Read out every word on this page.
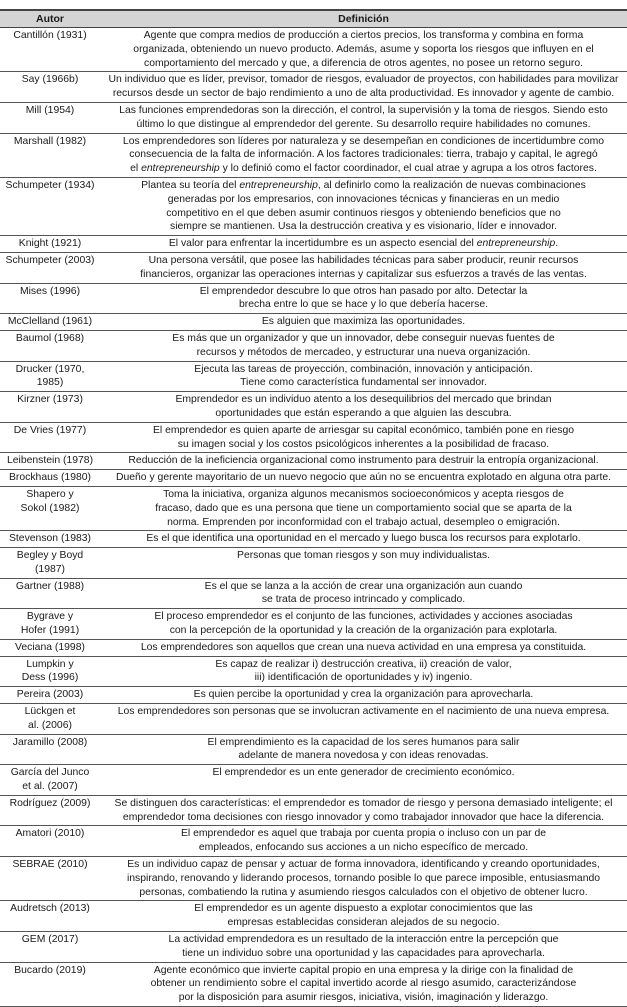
Autor	Definición
Cantillón (1931)	Agente que compra medios de producción a ciertos precios, los transforma y combina en forma
organizada, obteniendo un nuevo producto. Además, asume y soporta los riesgos que influyen en el
comportamiento del mercado y que, a diferencia de otros agentes, no posee un retorno seguro.
Say (1966b)	Un individuo que es líder, previsor, tomador de riesgos, evaluador de proyectos, con habilidades para movilizar
recursos desde un sector de bajo rendimiento a uno de alta productividad. Es innovador y agente de cambio.
Mill (1954)	Las funciones emprendedoras son la dirección, el control, la supervisión y la toma de riesgos. Siendo esto
último lo que distingue al emprendedor del gerente. Su desarrollo require habilidades no comunes.
Marshall (1982)	Los emprendedores son líderes por naturaleza y se desempeñan en condiciones de incertidumbre como
consecuencia de la falta de información. A los factores tradicionales: tierra, trabajo y capital, le agregó
el entrepreneurship y lo definió como el factor coordinador, el cual atrae y agrupa a los otros factores.
Schumpeter (1934)	Plantea su teoría del entrepreneurship, al definirlo como la realización de nuevas combinaciones
generadas por los empresarios, con innovaciones técnicas y financieras en un medio
competitivo en el que deben asumir continuos riesgos y obteniendo beneficios que no
siempre se mantienen. Usa la destrucción creativa y es visionario, líder e innovador.
Knight (1921)	El valor para enfrentar la incertidumbre es un aspecto esencial del entrepreneurship.
Schumpeter (2003)	Una persona versátil, que posee las habilidades técnicas para saber producir, reunir recursos
financieros, organizar las operaciones internas y capitalizar sus esfuerzos a través de las ventas.
Mises (1996)	El emprendedor descubre lo que otros han pasado por alto. Detectar la
brecha entre lo que se hace y lo que debería hacerse.
McClelland (1961)	Es alguien que maximiza las oportunidades.
Baumol (1968)	Es más que un organizador y que un innovador, debe conseguir nuevas fuentes de
recursos y métodos de mercadeo, y estructurar una nueva organización.
Drucker (1970,
1985)	Ejecuta las tareas de proyección, combinación, innovación y anticipación.
Tiene como característica fundamental ser innovador.
Kirzner (1973)	Emprendedor es un individuo atento a los desequilibrios del mercado que brindan
oportunidades que están esperando a que alguien las descubra.
De Vries (1977)	El emprendedor es quien aparte de arriesgar su capital económico, también pone en riesgo
su imagen social y los costos psicológicos inherentes a la posibilidad de fracaso.
Leibenstein (1978)	Reducción de la ineficiencia organizacional como instrumento para destruir la entropía organizacional.
Brockhaus (1980)	Dueño y gerente mayoritario de un nuevo negocio que aún no se encuentra explotado en alguna otra parte.
Shapero y
Sokol (1982)	Toma la iniciativa, organiza algunos mecanismos socioeconómicos y acepta riesgos de
fracaso, dado que es una persona que tiene un comportamiento social que se aparta de la
norma. Emprenden por inconformidad con el trabajo actual, desempleo o emigración.
Stevenson (1983)	Es el que identifica una oportunidad en el mercado y luego busca los recursos para explotarlo.
Begley y Boyd
(1987)	Personas que toman riesgos y son muy individualistas.
Gartner (1988)	Es el que se lanza a la acción de crear una organización aun cuando
se trata de proceso intrincado y complicado.
Bygrave y
Hofer (1991)	El proceso emprendedor es el conjunto de las funciones, actividades y acciones asociadas
con la percepción de la oportunidad y la creación de la organización para explotarla.
Veciana (1998)	Los emprendedores son aquellos que crean una nueva actividad en una empresa ya constituida.
Lumpkin y
Dess (1996)	Es capaz de realizar i) destrucción creativa, ii) creación de valor,
iii) identificación de oportunidades y iv) ingenio.
Pereira (2003)	Es quien percibe la oportunidad y crea la organización para aprovecharla.
Lückgen et
al. (2006)	Los emprendedores son personas que se involucran activamente en el nacimiento de una nueva empresa.
Jaramillo (2008)	El emprendimiento es la capacidad de los seres humanos para salir
adelante de manera novedosa y con ideas renovadas.
García del Junco
et al. (2007)	El emprendedor es un ente generador de crecimiento económico.
Rodríguez (2009)	Se distinguen dos características: el emprendedor es tomador de riesgo y persona demasiado inteligente; el
emprendedor toma decisiones con riesgo innovador y como trabajador innovador que hace la diferencia.
Amatori (2010)	El emprendedor es aquel que trabaja por cuenta propia o incluso con un par de
empleados, enfocando sus acciones a un nicho específico de mercado.
SEBRAE (2010)	Es un individuo capaz de pensar y actuar de forma innovadora, identificando y creando oportunidades,
inspirando, renovando y liderando procesos, tornando posible lo que parece imposible, entusiasmando
personas, combatiendo la rutina y asumiendo riesgos calculados con el objetivo de obtener lucro.
Audretsch (2013)	El emprendedor es un agente dispuesto a explotar conocimientos que las
empresas establecidas consideran alejados de su negocio.
GEM (2017)	La actividad emprendedora es un resultado de la interacción entre la percepción que
tiene un individuo sobre una oportunidad y las capacidades para aprovecharla.
Bucardo (2019)	Agente económico que invierte capital propio en una empresa y la dirige con la finalidad de
obtener un rendimiento sobre el capital invertido acorde al riesgo asumido, caracterizándose
por la disposición para asumir riesgos, iniciativa, visión, imaginación y liderazgo.
